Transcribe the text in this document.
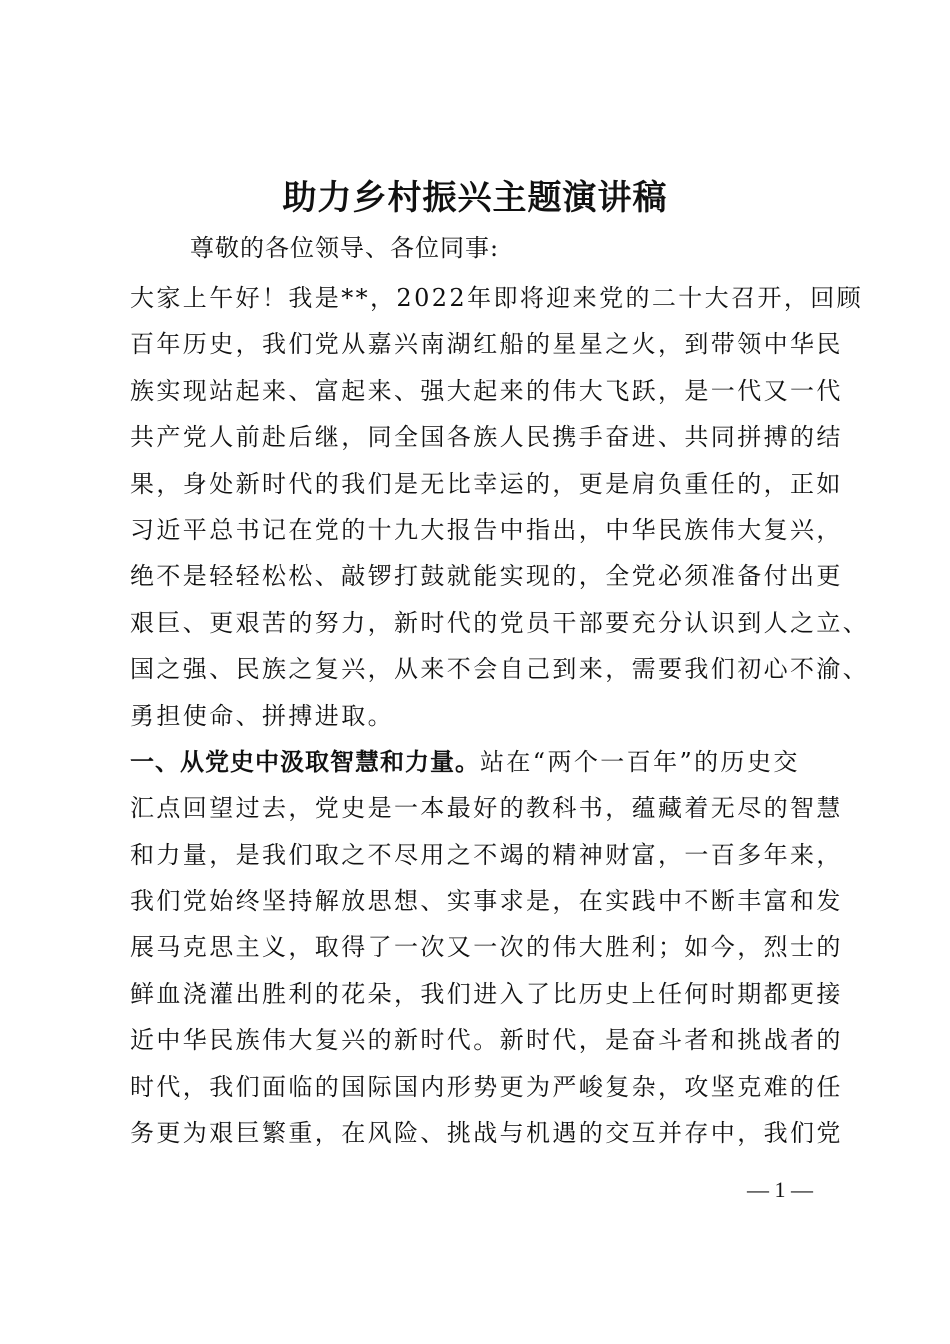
助力乡村振兴主题演讲稿
尊敬的各位领导、各位同事:
大家上午好！我是**，2022年即将迎来党的二十大召开，回顾
百年历史，我们党从嘉兴南湖红船的星星之火，到带领中华民
族实现站起来、富起来、强大起来的伟大飞跃，是一代又一代
共产党人前赴后继，同全国各族人民携手奋进、共同拼搏的结
果，身处新时代的我们是无比幸运的，更是肩负重任的，正如
习近平总书记在党的十九大报告中指出，中华民族伟大复兴，
绝不是轻轻松松、敲锣打鼓就能实现的，全党必须准备付出更
艰巨、更艰苦的努力，新时代的党员干部要充分认识到人之立、
国之强、民族之复兴，从来不会自己到来，需要我们初心不渝、
勇担使命、拼搏进取。
一、从党史中汲取智慧和力量。站在“两个一百年”的历史交
汇点回望过去，党史是一本最好的教科书，蕴藏着无尽的智慧
和力量，是我们取之不尽用之不竭的精神财富，一百多年来，
我们党始终坚持解放思想、实事求是，在实践中不断丰富和发
展马克思主义，取得了一次又一次的伟大胜利；如今，烈士的
鲜血浇灌出胜利的花朵，我们进入了比历史上任何时期都更接
近中华民族伟大复兴的新时代。新时代，是奋斗者和挑战者的
时代，我们面临的国际国内形势更为严峻复杂，攻坚克难的任
务更为艰巨繁重，在风险、挑战与机遇的交互并存中，我们党
— 1 —
